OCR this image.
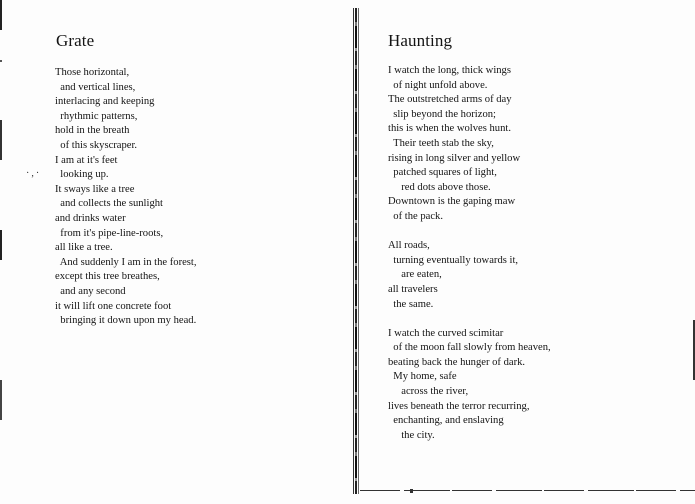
·,·
Grate
Those horizontal,
and vertical lines,
interlacing and keeping
rhythmic patterns,
hold in the breath
of this skyscraper.
I am at it's feet
looking up.
It sways like a tree
and collects the sunlight
and drinks water
from it's pipe-line-roots,
all like a tree.
And suddenly I am in the forest,
except this tree breathes,
and any second
it will lift one concrete foot
bringing it down upon my head.
Haunting
I watch the long, thick wings
of night unfold above.
The outstretched arms of day
slip beyond the horizon;
this is when the wolves hunt.
Their teeth stab the sky,
rising in long silver and yellow
patched squares of light,
red dots above those.
Downtown is the gaping maw
of the pack.
All roads,
turning eventually towards it,
are eaten,
all travelers
the same.
I watch the curved scimitar
of the moon fall slowly from heaven,
beating back the hunger of dark.
My home, safe
across the river,
lives beneath the terror recurring,
enchanting, and enslaving
the city.
